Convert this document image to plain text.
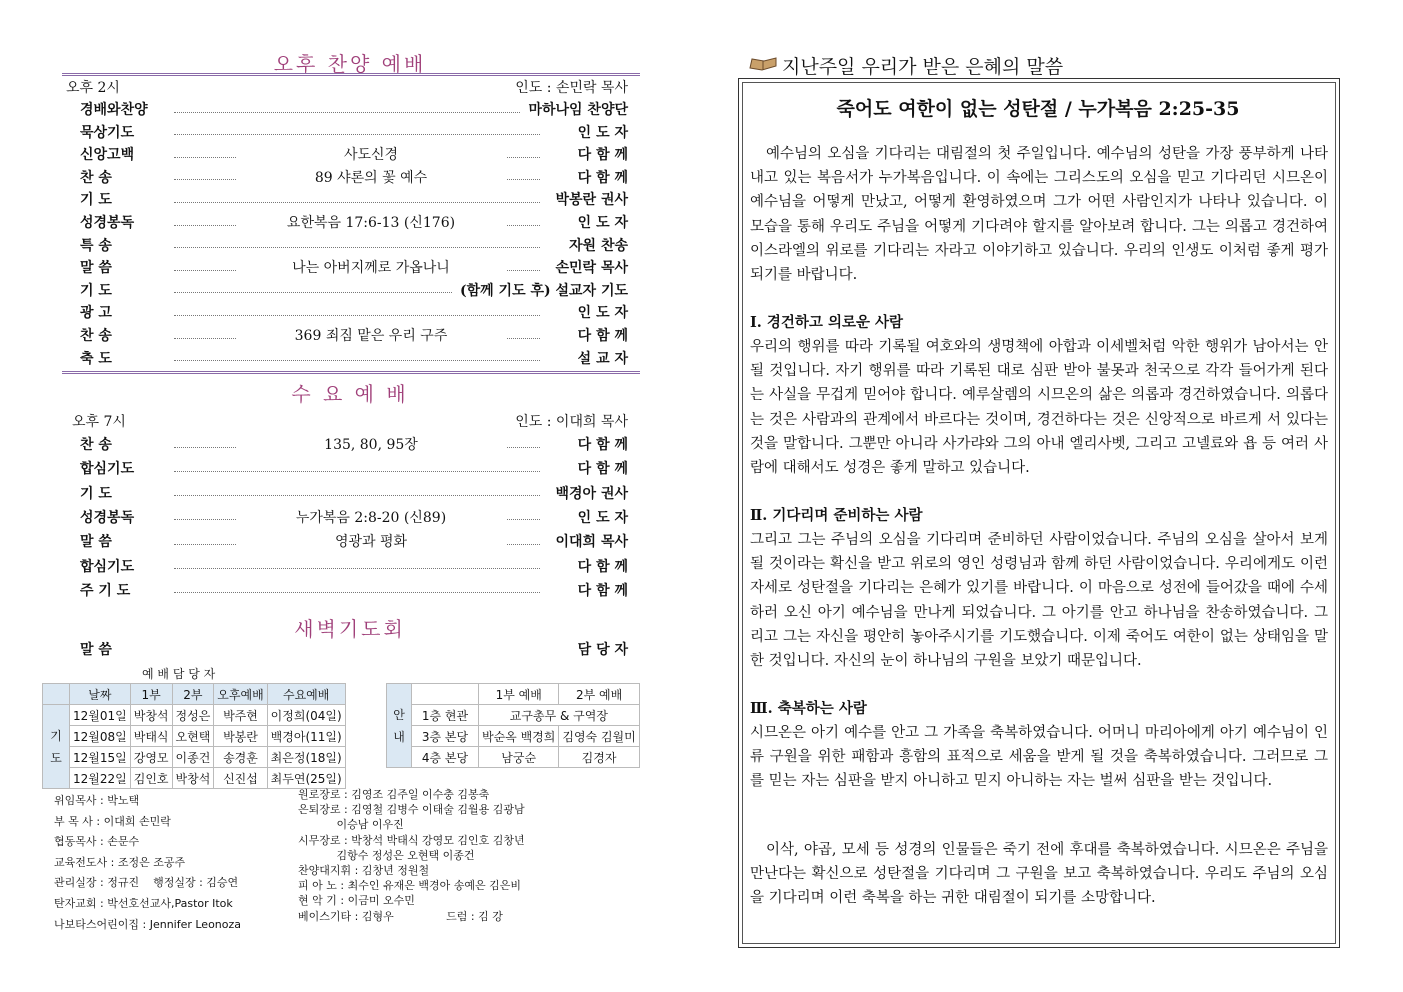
오후 찬양 예배
오후 2시	인도 : 손민락 목사
경배와찬양	마하나임 찬양단
묵상기도	인 도 자
신앙고백	사도신경	다 함 께
찬 송	89 샤론의 꽃 예수	다 함 께
기 도	박봉란 권사
성경봉독	요한복음 17:6-13 (신176)	인 도 자
특 송	자원 찬송
말 씀	나는 아버지께로 가옵나니	손민락 목사
기 도	(함께 기도 후) 설교자 기도
광 고	인 도 자
찬 송	369 죄짐 맡은 우리 구주	다 함 께
축 도	설 교 자
수 요 예 배
오후 7시	인도 : 이대희 목사
찬 송	135, 80, 95장	다 함 께
합심기도	다 함 께
기 도	백경아 권사
성경봉독	누가복음 2:8-20 (신89)	인 도 자
말 씀	영광과 평화	이대희 목사
합심기도	다 함 께
주 기 도	다 함 께
새벽기도회
말 씀	담 당 자
예 배 담 당 자
	날짜	1부	2부	오후예배	수요예배
기도	12월01일	박창석	정성은	박주현	이정희(04일)
	12월08일	박태식	오현택	박봉란	백경아(11일)
	12월15일	강영모	이종건	송경훈	최은정(18일)
	12월22일	김인호	박창석	신진섭	최두연(25일)
안내		1부 예배	2부 예배
	1층 현관	교구총무 & 구역장	
	3층 본당	박순옥 백경희	김영숙 김월미
	4층 본당	남궁순	김경자
위임목사 : 박노택
부 목 사 : 이대희 손민락
협동목사 : 손문수
교육전도사 : 조정은 조공주
관리실장 : 정규진    행정실장 : 김승연
탄자교회 : 박선호선교사,Pastor Itok
나보타스어린이집 : Jennifer Leonoza
원로장로 : 김영조 김주일 이수충 김봉축
은퇴장로 : 김영철 김병수 이태술 김월용 김광남
이승남 이우진
시무장로 : 박창석 박태식 강영모 김인호 김창년
김항수 정성은 오현택 이종건
찬양대지휘 : 김창년 정원철
피 아 노 : 최수인 유재은 백경아 송예은 김은비
현 악 기 : 이금미 오수민
베이스기타 : 김형우               드럼 : 김 강
지난주일 우리가 받은 은혜의 말씀
죽어도 여한이 없는 성탄절 / 누가복음 2:25-35
예수님의 오심을 기다리는 대림절의 첫 주일입니다. 예수님의 성탄을 가장 풍부하게 나타내고 있는 복음서가 누가복음입니다. 이 속에는 그리스도의 오심을 믿고 기다리던 시므온이 예수님을 어떻게 만났고, 어떻게 환영하였으며 그가 어떤 사람인지가 나타나 있습니다. 이 모습을 통해 우리도 주님을 어떻게 기다려야 할지를 알아보려 합니다. 그는 의롭고 경건하여 이스라엘의 위로를 기다리는 자라고 이야기하고 있습니다. 우리의 인생도 이처럼 좋게 평가되기를 바랍니다.
Ⅰ. 경건하고 의로운 사람
우리의 행위를 따라 기록될 여호와의 생명책에 아합과 이세벨처럼 악한 행위가 남아서는 안될 것입니다. 자기 행위를 따라 기록된 대로 심판 받아 불못과 천국으로 각각 들어가게 된다는 사실을 무겁게 믿어야 합니다. 예루살렘의 시므온의 삶은 의롭과 경건하였습니다. 의롭다는 것은 사람과의 관계에서 바르다는 것이며, 경건하다는 것은 신앙적으로 바르게 서 있다는 것을 말합니다. 그뿐만 아니라 사가랴와 그의 아내 엘리사벳, 그리고 고넬료와 욥 등 여러 사람에 대해서도 성경은 좋게 말하고 있습니다.
Ⅱ. 기다리며 준비하는 사람
그리고 그는 주님의 오심을 기다리며 준비하던 사람이었습니다. 주님의 오심을 살아서 보게 될 것이라는 확신을 받고 위로의 영인 성령님과 함께 하던 사람이었습니다. 우리에게도 이런 자세로 성탄절을 기다리는 은혜가 있기를 바랍니다. 이 마음으로 성전에 들어갔을 때에 수세하러 오신 아기 예수님을 만나게 되었습니다. 그 아기를 안고 하나님을 찬송하였습니다. 그리고 그는 자신을 평안히 놓아주시기를 기도했습니다. 이제 죽어도 여한이 없는 상태임을 말한 것입니다. 자신의 눈이 하나님의 구원을 보았기 때문입니다.
Ⅲ. 축복하는 사람
시므온은 아기 예수를 안고 그 가족을 축복하였습니다. 어머니 마리아에게 아기 예수님이 인류 구원을 위한 패함과 흥함의 표적으로 세움을 받게 될 것을 축복하였습니다. 그러므로 그를 믿는 자는 심판을 받지 아니하고 믿지 아니하는 자는 벌써 심판을 받는 것입니다.
이삭, 야곱, 모세 등 성경의 인물들은 죽기 전에 후대를 축복하였습니다. 시므온은 주님을 만난다는 확신으로 성탄절을 기다리며 그 구원을 보고 축복하였습니다. 우리도 주님의 오심을 기다리며 이런 축복을 하는 귀한 대림절이 되기를 소망합니다.
